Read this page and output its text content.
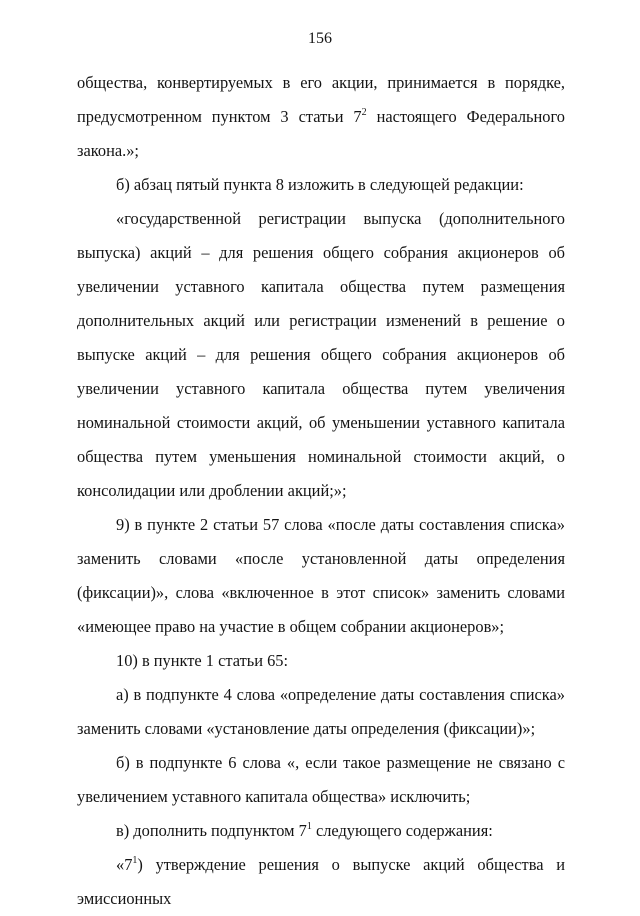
156

общества, конвертируемых в его акции, принимается в порядке, предусмотренном пунктом 3 статьи $7^2$ настоящего Федерального закона.»;

б) абзац пятый пункта 8 изложить в следующей редакции:

«государственной регистрации выпуска (дополнительного выпуска) акций – для решения общего собрания акционеров об увеличении уставного капитала общества путем размещения дополнительных акций или регистрации изменений в решение о выпуске акций – для решения общего собрания акционеров об увеличении уставного капитала общества путем увеличения номинальной стоимости акций, об уменьшении уставного капитала общества путем уменьшения номинальной стоимости акций, о консолидации или дроблении акций;»;

9) в пункте 2 статьи 57 слова «после даты составления списка» заменить словами «после установленной даты определения (фиксации)», слова «включенное в этот список» заменить словами «имеющее право на участие в общем собрании акционеров»;

10) в пункте 1 статьи 65:

а) в подпункте 4 слова «определение даты составления списка» заменить словами «установление даты определения (фиксации)»;

б) в подпункте 6 слова «, если такое размещение не связано с увеличением уставного капитала общества» исключить;

в) дополнить подпунктом $7^1$ следующего содержания:

«$7^1$) утверждение решения о выпуске акций общества и эмиссионных
